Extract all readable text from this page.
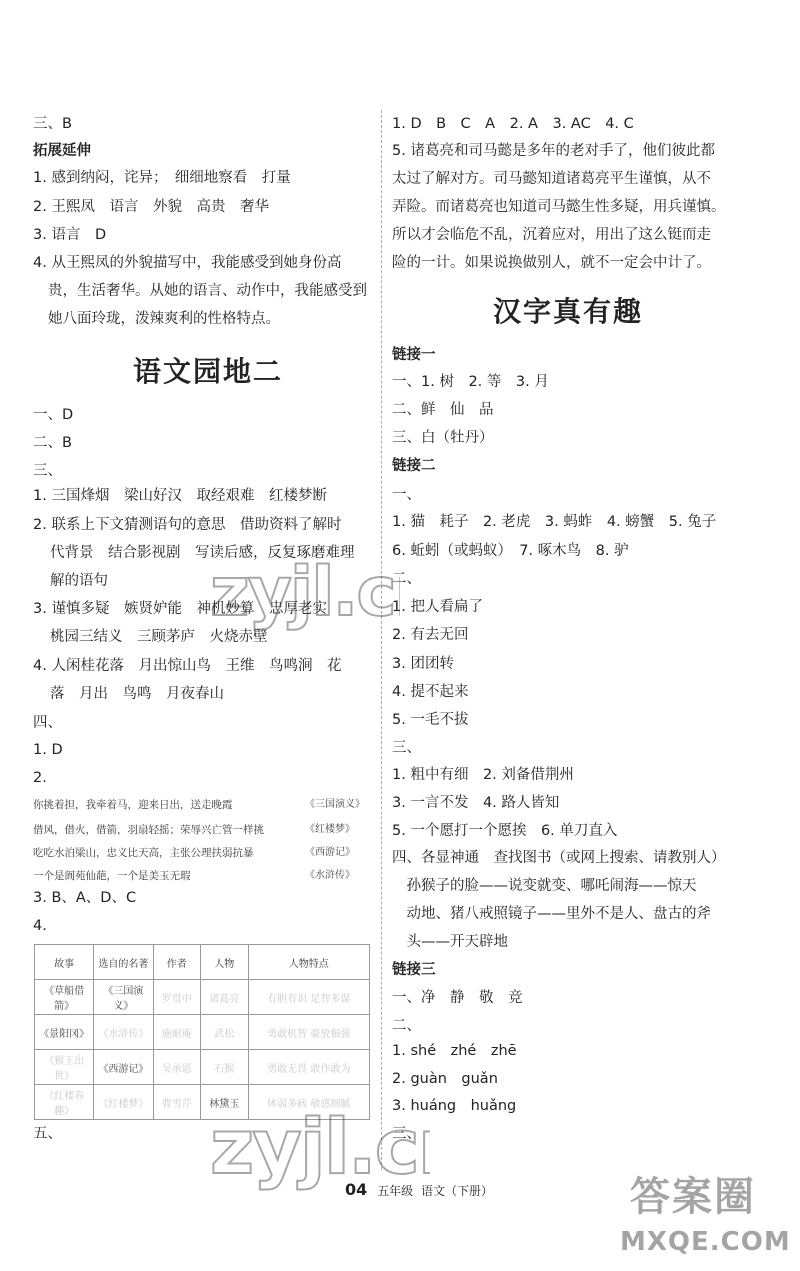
三、B
拓展延伸
1. 感到纳闷，诧异；　细细地察看　打量
2. 王熙凤　语言　外貌　高贵　奢华
3. 语言　D
4. 从王熙凤的外貌描写中，我能感受到她身份高
贵，生活奢华。从她的语言、动作中，我能感受到
她八面玲珑，泼辣爽利的性格特点。
语文园地二
一、D
二、B
三、
1. 三国烽烟　梁山好汉　取经艰难　红楼梦断
2. 联系上下文猜测语句的意思　借助资料了解时
代背景　结合影视剧　写读后感，反复琢磨难理
解的语句
3. 谨慎多疑　嫉贤妒能　神机妙算　忠厚老实
桃园三结义　三顾茅庐　火烧赤壁
4. 人闲桂花落　月出惊山鸟　王维　鸟鸣涧　花
落　月出　鸟鸣　月夜春山
四、
1. D
2.
你挑着担，我牵着马，迎来日出，送走晚霞	《三国演义》
借风，借火，借箭，羽扇轻摇；荣辱兴亡管一样挑	《红楼梦》
吃吃水泊梁山，忠义比天高，主张公理扶弱抗暴	《西游记》
一个是阆苑仙葩，一个是美玉无瑕	《水浒传》
3. B、A、D、C
4.
故事	选自的名著	作者	人物	人物特点
《草船借箭》	《三国演义》	罗贯中	诸葛亮	有胆有识 足智多谋
《景阳冈》	《水浒传》	施耐庵	武松	勇敢机智 豪放倔强
《猴王出世》	《西游记》	吴承恩	石猴	勇敢无畏 敢作敢为
《红楼春趣》	《红楼梦》	曹雪芹	林黛玉	体弱多病 敏感细腻
五、
1. D　B　C　A　2. A　3. AC　4. C
5. 诸葛亮和司马懿是多年的老对手了，他们彼此都
太过了解对方。司马懿知道诸葛亮平生谨慎，从不
弄险。而诸葛亮也知道司马懿生性多疑，用兵谨慎。
所以才会临危不乱，沉着应对，用出了这么铤而走
险的一计。如果说换做别人，就不一定会中计了。
汉字真有趣
链接一
一、1. 树　2. 等　3. 月
二、鲜　仙　品
三、白（牡丹）
链接二
一、
1. 猫　耗子　2. 老虎　3. 蚂蚱　4. 螃蟹　5. 兔子
6. 蚯蚓（或蚂蚁）　7. 啄木鸟　8. 驴
二、
1. 把人看扁了
2. 有去无回
3. 团团转
4. 提不起来
5. 一毛不拔
三、
1. 粗中有细　2. 刘备借荆州
3. 一言不发　4. 路人皆知
5. 一个愿打一个愿挨　6. 单刀直入
四、各显神通　查找图书（或网上搜索、请教别人）
　孙猴子的脸——说变就变、哪吒闹海——惊天
　动地、猪八戒照镜子——里外不是人、盘古的斧
　头——开天辟地
链接三
一、净　静　敬　竞
二、
1. shé　zhé　zhē
2. guàn　guǎn
3. huáng　huǎng
三、
zyjl.c
zyjl.c
04 五年级 语文（下册）	答案圈
MXQE.COM
